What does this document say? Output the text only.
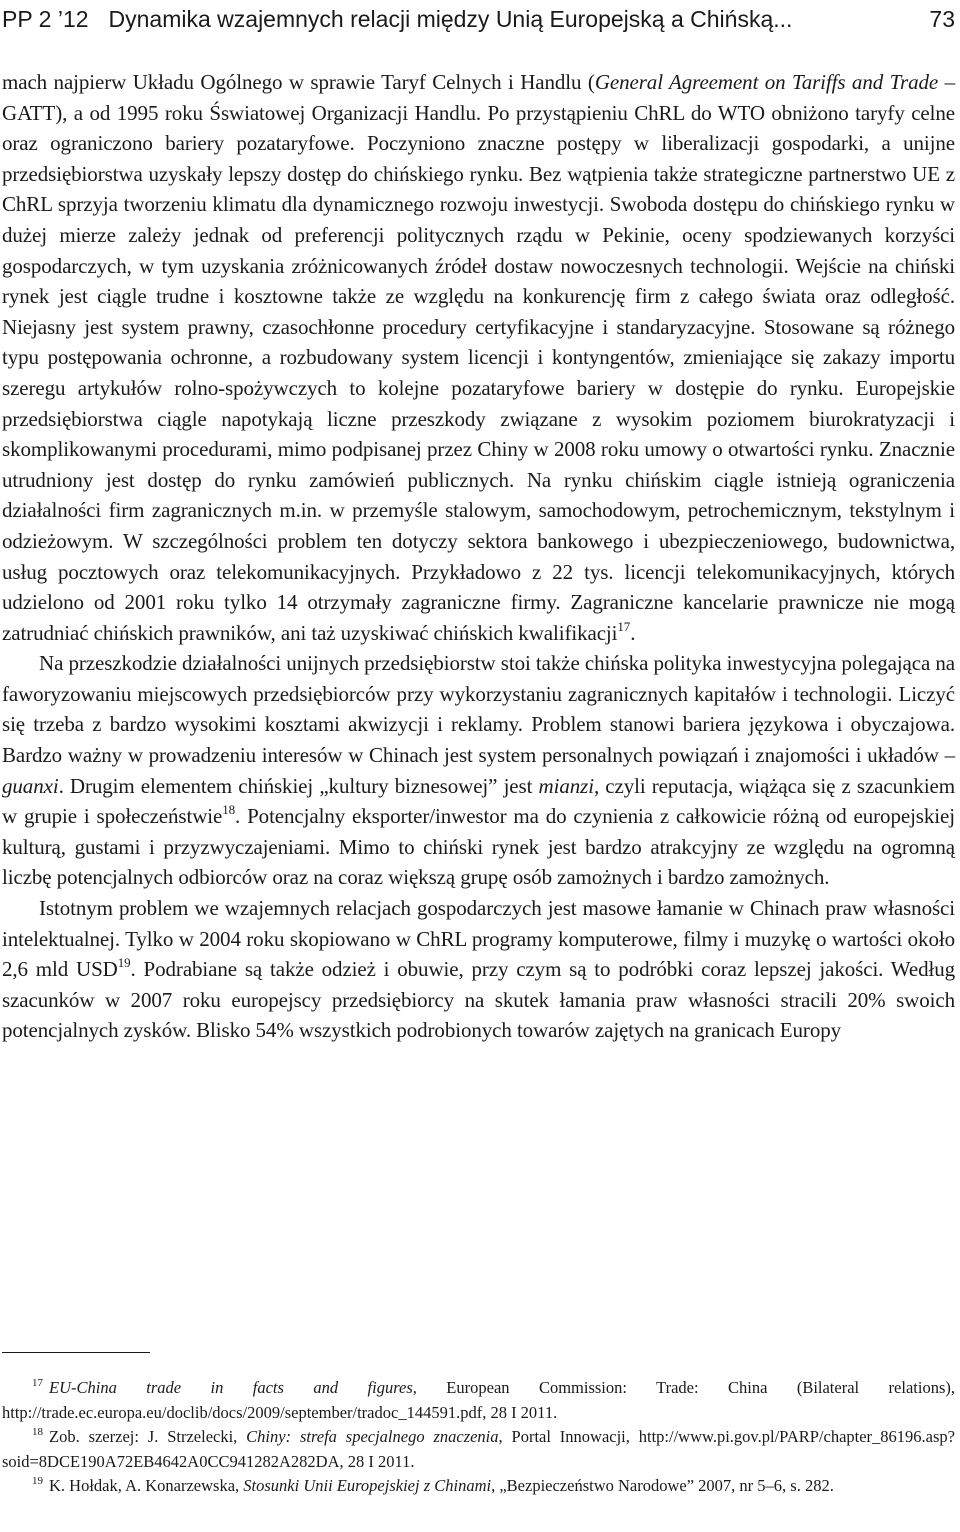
PP 2 ’12 Dynamika wzajemnych relacji między Unią Europejską a Chińską...	73

mach najpierw Układu Ogólnego w sprawie Taryf Celnych i Handlu (General Agreement on Tariffs and Trade – GATT), a od 1995 roku Śswiatowej Organizacji Handlu. Po przystąpieniu ChRL do WTO obniżono taryfy celne oraz ograniczono bariery pozataryfowe. Poczyniono znaczne postępy w liberalizacji gospodarki, a unijne przedsiębiorstwa uzyskały lepszy dostęp do chińskiego rynku. Bez wątpienia także strategiczne partnerstwo UE z ChRL sprzyja tworzeniu klimatu dla dynamicznego rozwoju inwestycji. Swoboda dostępu do chińskiego rynku w dużej mierze zależy jednak od preferencji politycznych rządu w Pekinie, oceny spodziewanych korzyści gospodarczych, w tym uzyskania zróżnicowanych źródeł dostaw nowoczesnych technologii. Wejście na chiński rynek jest ciągle trudne i kosztowne także ze względu na konkurencję firm z całego świata oraz odległość. Niejasny jest system prawny, czasochłonne procedury certyfikacyjne i standaryzacyjne. Stosowane są różnego typu postępowania ochronne, a rozbudowany system licencji i kontyngentów, zmieniające się zakazy importu szeregu artykułów rolno-spożywczych to kolejne pozataryfowe bariery w dostępie do rynku. Europejskie przedsiębiorstwa ciągle napotykają liczne przeszkody związane z wysokim poziomem biurokratyzacji i skomplikowanymi procedurami, mimo podpisanej przez Chiny w 2008 roku umowy o otwartości rynku. Znacznie utrudniony jest dostęp do rynku zamówień publicznych. Na rynku chińskim ciągle istnieją ograniczenia działalności firm zagranicznych m.in. w przemyśle stalowym, samochodowym, petrochemicznym, tekstylnym i odzieżowym. W szczególności problem ten dotyczy sektora bankowego i ubezpieczeniowego, budownictwa, usług pocztowych oraz telekomunikacyjnych. Przykładowo z 22 tys. licencji telekomunikacyjnych, których udzielono od 2001 roku tylko 14 otrzymały zagraniczne firmy. Zagraniczne kancelarie prawnicze nie mogą zatrudniać chińskich prawników, ani taż uzyskiwać chińskich kwalifikacji$^{17}$.

Na przeszkodzie działalności unijnych przedsiębiorstw stoi także chińska polityka inwestycyjna polegająca na faworyzowaniu miejscowych przedsiębiorców przy wykorzystaniu zagranicznych kapitałów i technologii. Liczyć się trzeba z bardzo wysokimi kosztami akwizycji i reklamy. Problem stanowi bariera językowa i obyczajowa. Bardzo ważny w prowadzeniu interesów w Chinach jest system personalnych powiązań i znajomości i układów – guanxi. Drugim elementem chińskiej „kultury biznesowej” jest mianzi, czyli reputacja, wiążąca się z szacunkiem w grupie i społeczeństwie$^{18}$. Potencjalny eksporter/inwestor ma do czynienia z całkowicie różną od europejskiej kulturą, gustami i przyzwyczajeniami. Mimo to chiński rynek jest bardzo atrakcyjny ze względu na ogromną liczbę potencjalnych odbiorców oraz na coraz większą grupę osób zamożnych i bardzo zamożnych.

Istotnym problem we wzajemnych relacjach gospodarczych jest masowe łamanie w Chinach praw własności intelektualnej. Tylko w 2004 roku skopiowano w ChRL programy komputerowe, filmy i muzykę o wartości około 2,6 mld USD$^{19}$. Podrabiane są także odzież i obuwie, przy czym są to podróbki coraz lepszej jakości. Według szacunków w 2007 roku europejscy przedsiębiorcy na skutek łamania praw własności stracili 20% swoich potencjalnych zysków. Blisko 54% wszystkich podrobionych towarów zajętych na granicach Europy

$^{17}$ EU-China trade in facts and figures, European Commission: Trade: China (Bilateral relations), http://trade.ec.europa.eu/doclib/docs/2009/september/tradoc_144591.pdf, 28 I 2011.

$^{18}$ Zob. szerzej: J. Strzelecki, Chiny: strefa specjalnego znaczenia, Portal Innowacji, http://www.pi.gov.pl/PARP/chapter_86196.asp?soid=8DCE190A72EB4642A0CC941282A282DA, 28 I 2011.

$^{19}$ K. Hołdak, A. Konarzewska, Stosunki Unii Europejskiej z Chinami, „Bezpieczeństwo Narodowe” 2007, nr 5–6, s. 282.
